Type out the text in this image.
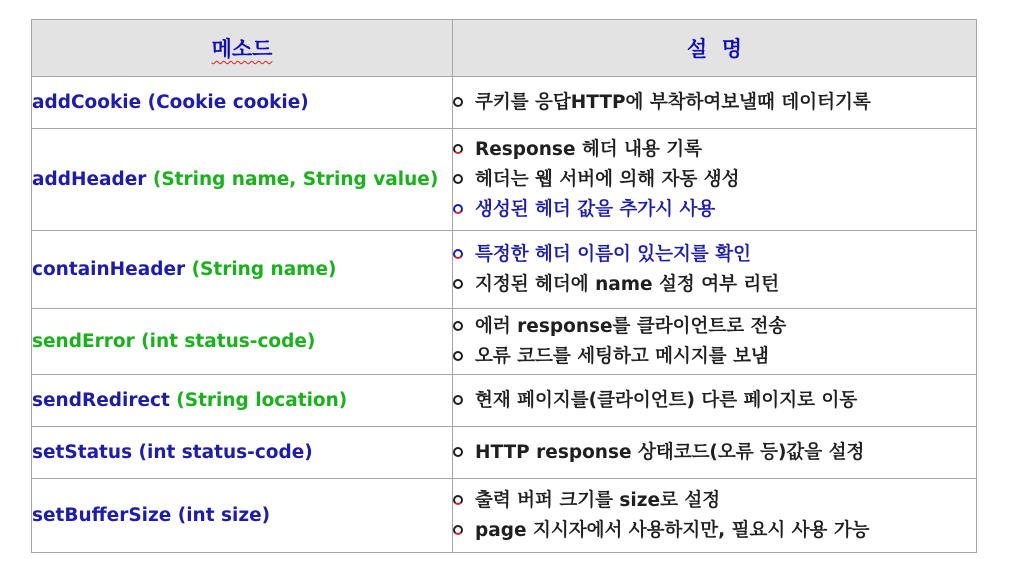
메소드	설  명
addCookie (Cookie cookie)	쿠키를 응답HTTP에 부착하여보낼때 데이터기록

addHeader (String name, String value)	Response 헤더 내용 기록
헤더는 웹 서버에 의해 자동 생성
생성된 헤더 값을 추가시 사용

containHeader (String name)	특정한 헤더 이름이 있는지를 확인
지정된 헤더에 name 설정 여부 리턴

sendError (int status-code)	에러 response를 클라이언트로 전송
오류 코드를 세팅하고 메시지를 보냄

sendRedirect (String location)	현재 페이지를(클라이언트) 다른 페이지로 이동

setStatus (int status-code)	HTTP response 상태코드(오류 등)값을 설정

setBufferSize (int size)	출력 버퍼 크기를 size로 설정
page 지시자에서 사용하지만, 필요시 사용 가능
